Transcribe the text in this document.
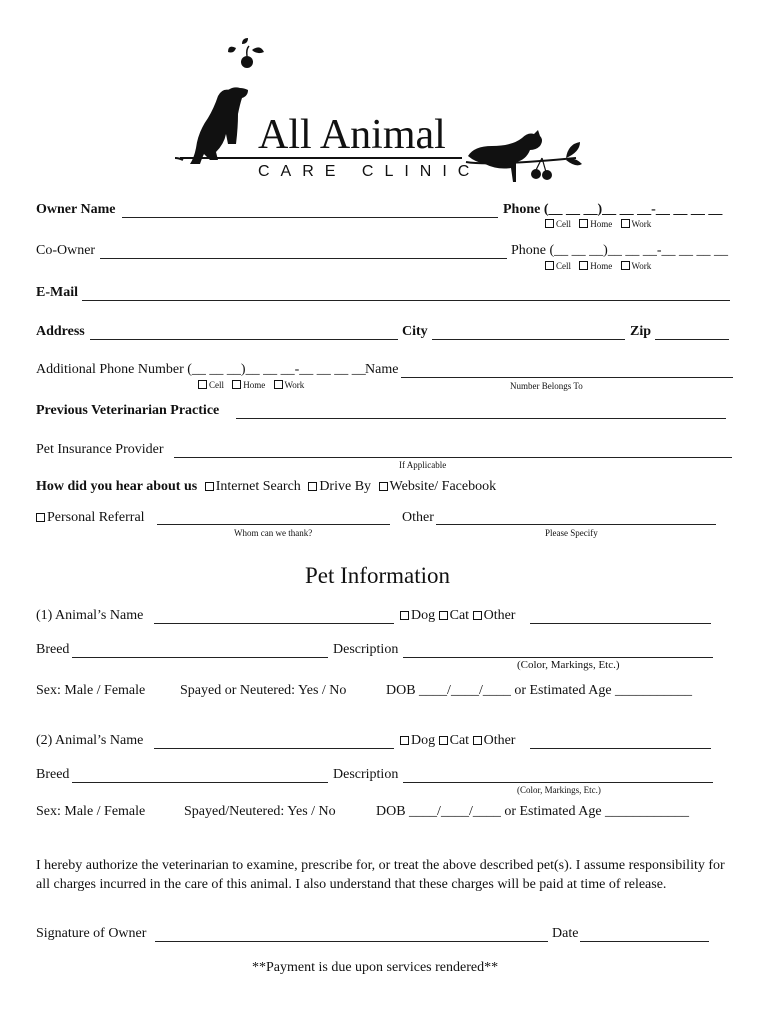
All Animal
CARE CLINIC
Owner Name	Phone (__ __ __)__ __ __-__ __ __ __
Cell Home Work
Co-Owner	Phone (__ __ __)__ __ __-__ __ __ __
Cell Home Work
E-Mail
Address	City	Zip
Additional Phone Number (__ __ __)__ __ __-__ __ __ __ Name
Cell Home Work	Number Belongs To
Previous Veterinarian Practice
Pet Insurance Provider
If Applicable
How did you hear about us Internet Search Drive By Website/ Facebook
Personal Referral
Whom can we thank?
Other
Please Specify
Pet Information
(1) Animal’s Name	Dog Cat Other
Breed	Description
(Color, Markings, Etc.)
Sex: Male / Female Spayed or Neutered: Yes / No	DOB ____/____/____ or Estimated Age ___________
(2) Animal’s Name	Dog Cat Other
Breed	Description
(Color, Markings, Etc.)
Sex: Male / Female	Spayed/Neutered: Yes / No	DOB ____/____/____ or Estimated Age ____________
I hereby authorize the veterinarian to examine, prescribe for, or treat the above described pet(s). I assume responsibility for all charges incurred in the care of this animal. I also understand that these charges will be paid at time of release.
Signature of Owner	Date
**Payment is due upon services rendered**
